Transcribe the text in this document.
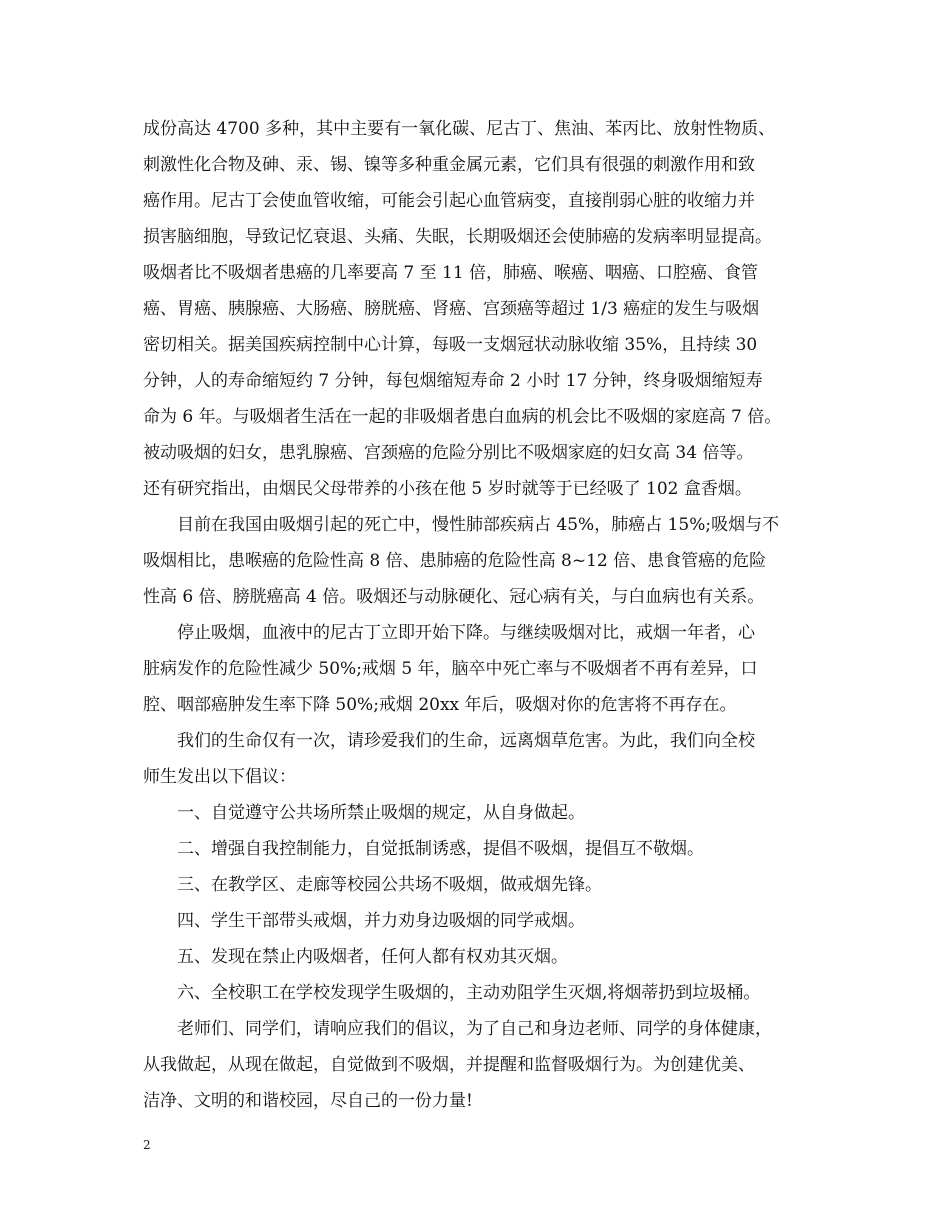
成份高达 4700 多种，其中主要有一氧化碳、尼古丁、焦油、苯丙比、放射性物质、
刺激性化合物及砷、汞、锡、镍等多种重金属元素，它们具有很强的刺激作用和致
癌作用。尼古丁会使血管收缩，可能会引起心血管病变，直接削弱心脏的收缩力并
损害脑细胞，导致记忆衰退、头痛、失眠，长期吸烟还会使肺癌的发病率明显提高。
吸烟者比不吸烟者患癌的几率要高 7 至 11 倍，肺癌、喉癌、咽癌、口腔癌、食管
癌、胃癌、胰腺癌、大肠癌、膀胱癌、肾癌、宫颈癌等超过 1/3 癌症的发生与吸烟
密切相关。据美国疾病控制中心计算，每吸一支烟冠状动脉收缩 35%，且持续 30
分钟，人的寿命缩短约 7 分钟，每包烟缩短寿命 2 小时 17 分钟，终身吸烟缩短寿
命为 6 年。与吸烟者生活在一起的非吸烟者患白血病的机会比不吸烟的家庭高 7 倍。
被动吸烟的妇女，患乳腺癌、宫颈癌的危险分别比不吸烟家庭的妇女高 34 倍等。
还有研究指出，由烟民父母带养的小孩在他 5 岁时就等于已经吸了 102 盒香烟。
目前在我国由吸烟引起的死亡中，慢性肺部疾病占 45%，肺癌占 15%;吸烟与不
吸烟相比，患喉癌的危险性高 8 倍、患肺癌的危险性高 8~12 倍、患食管癌的危险
性高 6 倍、膀胱癌高 4 倍。吸烟还与动脉硬化、冠心病有关，与白血病也有关系。
停止吸烟，血液中的尼古丁立即开始下降。与继续吸烟对比，戒烟一年者，心
脏病发作的危险性减少 50%;戒烟 5 年，脑卒中死亡率与不吸烟者不再有差异，口
腔、咽部癌肿发生率下降 50%;戒烟 20xx 年后，吸烟对你的危害将不再存在。
我们的生命仅有一次，请珍爱我们的生命，远离烟草危害。为此，我们向全校
师生发出以下倡议：
一、自觉遵守公共场所禁止吸烟的规定，从自身做起。
二、增强自我控制能力，自觉抵制诱惑，提倡不吸烟，提倡互不敬烟。
三、在教学区、走廊等校园公共场不吸烟，做戒烟先锋。
四、学生干部带头戒烟，并力劝身边吸烟的同学戒烟。
五、发现在禁止内吸烟者，任何人都有权劝其灭烟。
六、全校职工在学校发现学生吸烟的，主动劝阻学生灭烟,将烟蒂扔到垃圾桶。
老师们、同学们，请响应我们的倡议，为了自己和身边老师、同学的身体健康，
从我做起，从现在做起，自觉做到不吸烟，并提醒和监督吸烟行为。为创建优美、
洁净、文明的和谐校园，尽自己的一份力量!
2
